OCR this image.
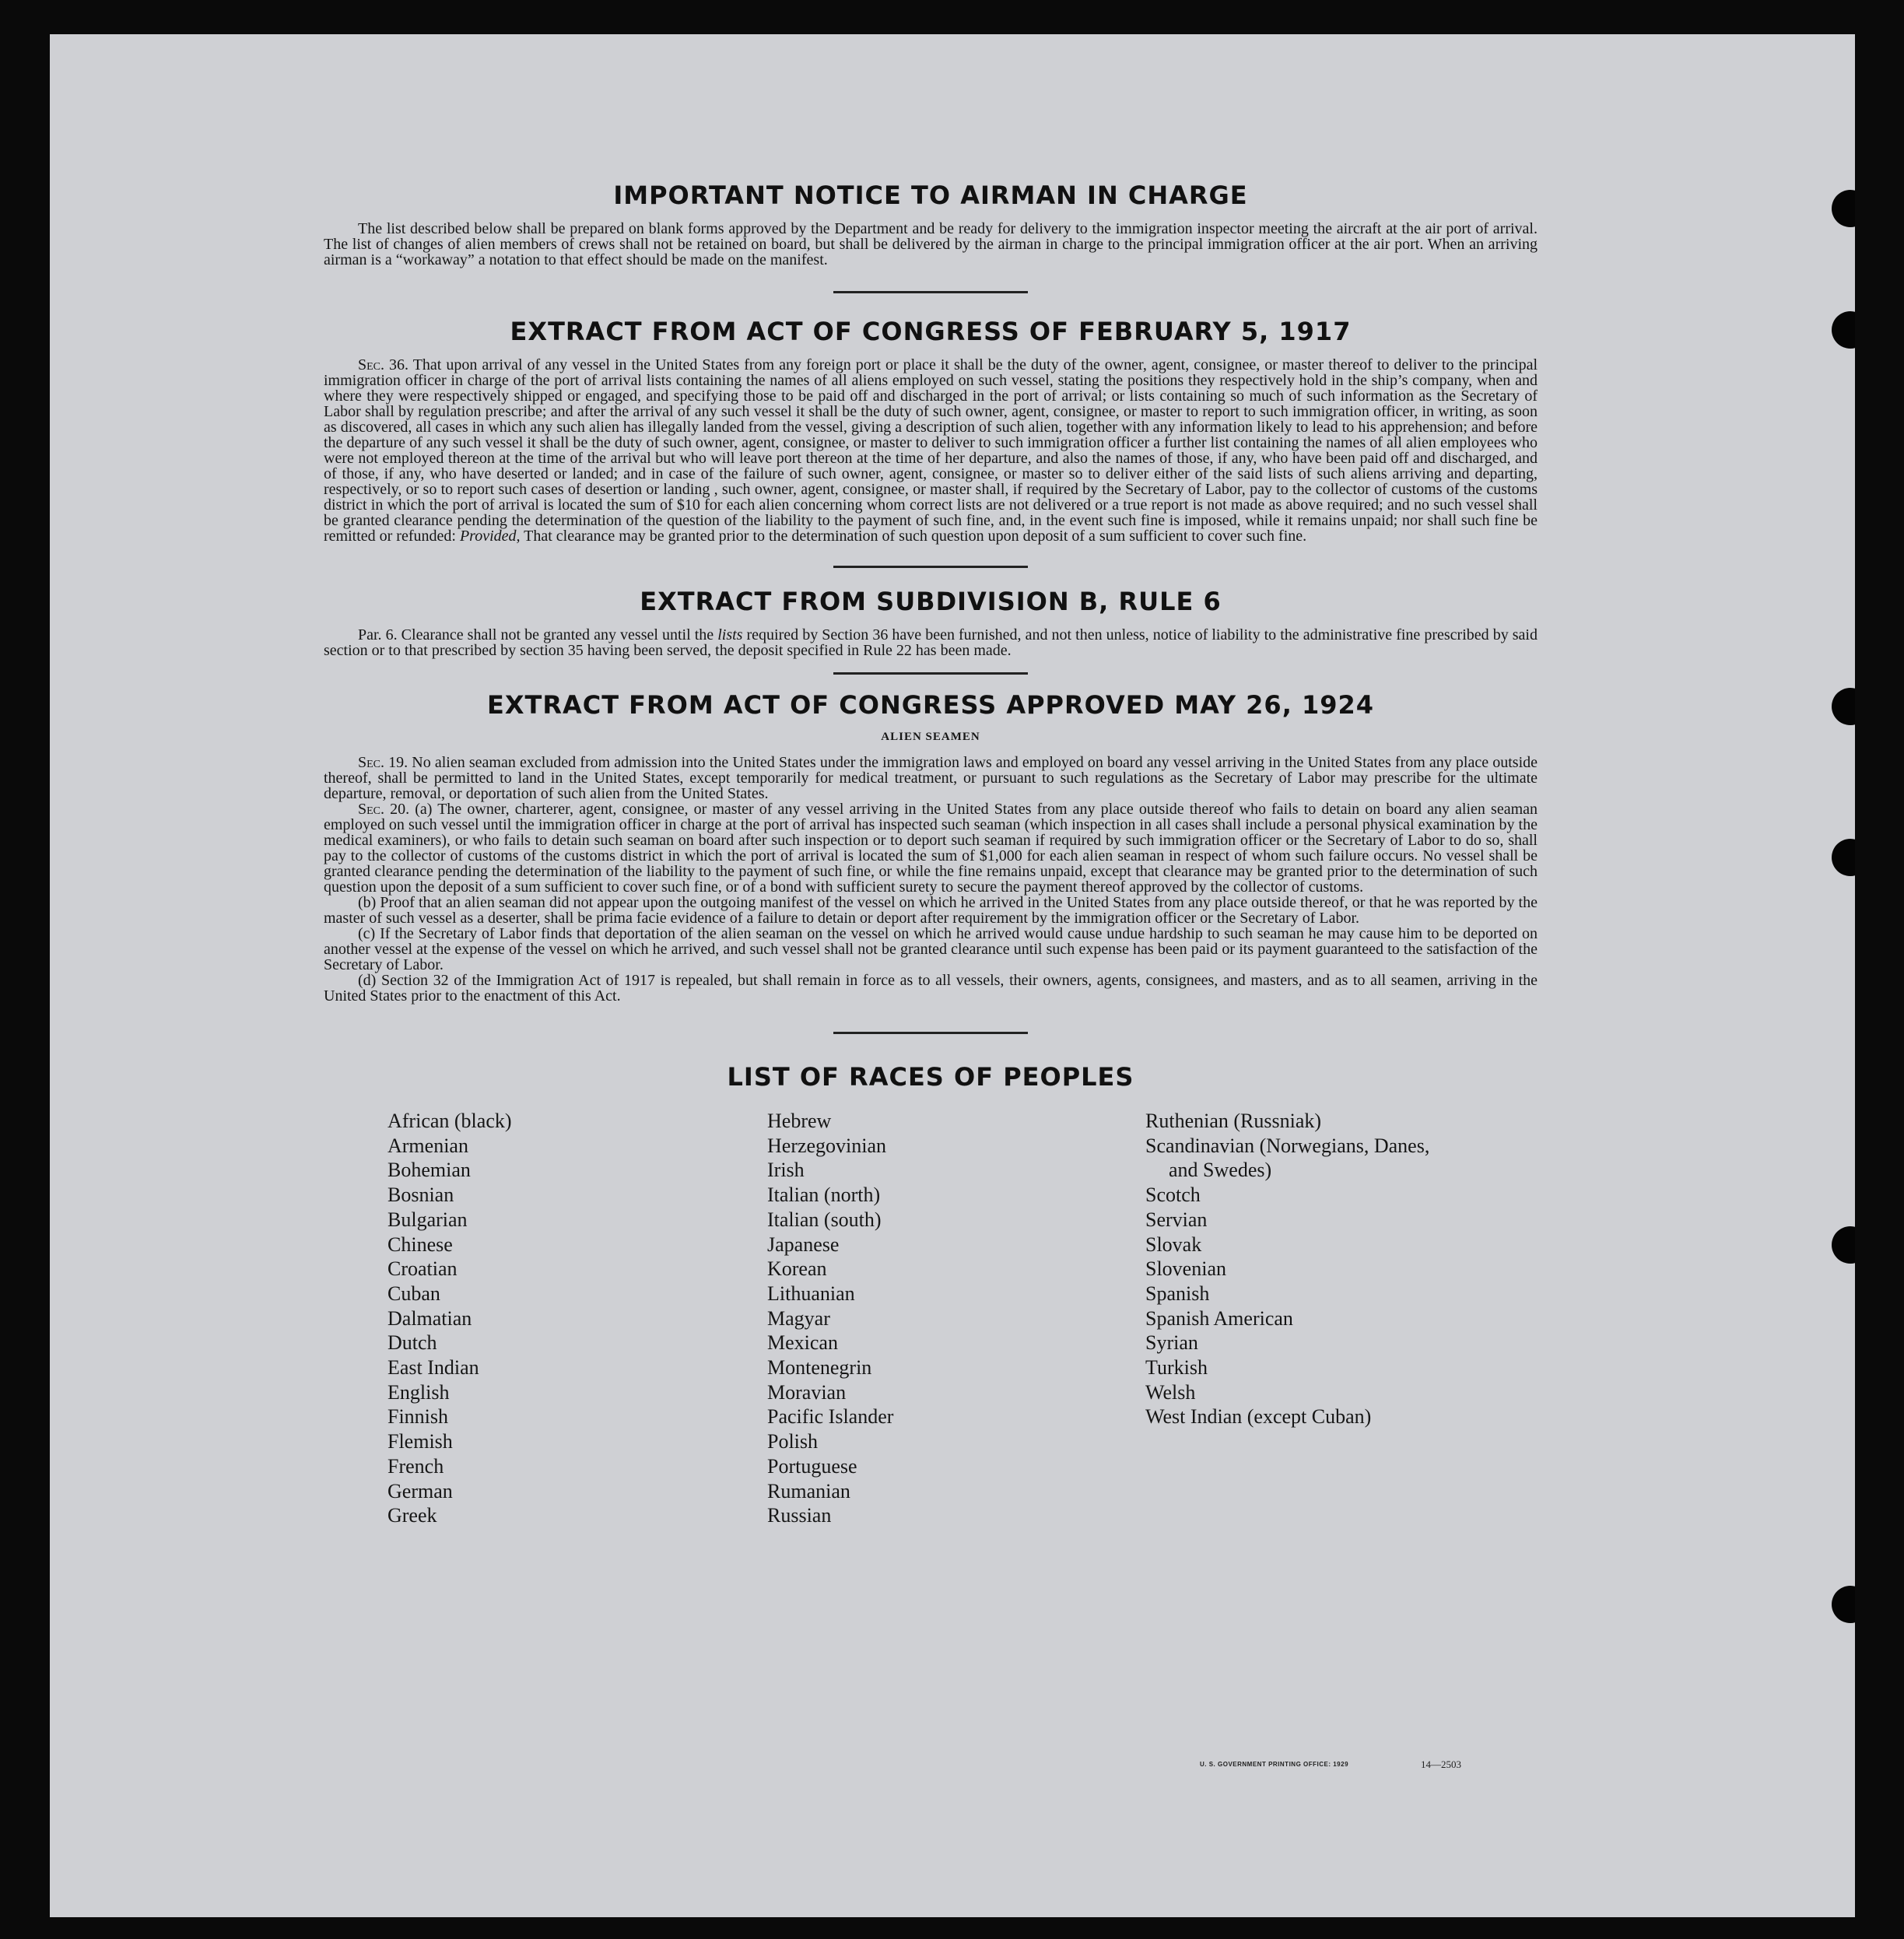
IMPORTANT NOTICE TO AIRMAN IN CHARGE

The list described below shall be prepared on blank forms approved by the Department and be ready for delivery to the immigration inspector meeting the aircraft at the air port of arrival. The list of changes of alien members of crews shall not be retained on board, but shall be delivered by the airman in charge to the principal immigration officer at the air port. When an arriving airman is a “workaway” a notation to that effect should be made on the manifest.

EXTRACT FROM ACT OF CONGRESS OF FEBRUARY 5, 1917

Sec. 36. That upon arrival of any vessel in the United States from any foreign port or place it shall be the duty of the owner, agent, consignee, or master thereof to deliver to the principal immigration officer in charge of the port of arrival lists containing the names of all aliens employed on such vessel, stating the positions they respectively hold in the ship’s company, when and where they were respectively shipped or engaged, and specifying those to be paid off and discharged in the port of arrival; or lists containing so much of such information as the Secretary of Labor shall by regulation prescribe; and after the arrival of any such vessel it shall be the duty of such owner, agent, consignee, or master to report to such immigration officer, in writing, as soon as discovered, all cases in which any such alien has illegally landed from the vessel, giving a description of such alien, together with any information likely to lead to his apprehension; and before the departure of any such vessel it shall be the duty of such owner, agent, consignee, or master to deliver to such immigration officer a further list containing the names of all alien employees who were not employed thereon at the time of the arrival but who will leave port thereon at the time of her departure, and also the names of those, if any, who have been paid off and discharged, and of those, if any, who have deserted or landed; and in case of the failure of such owner, agent, consignee, or master so to deliver either of the said lists of such aliens arriving and departing, respectively, or so to report such cases of desertion or landing , such owner, agent, consignee, or master shall, if required by the Secretary of Labor, pay to the collector of customs of the customs district in which the port of arrival is located the sum of $10 for each alien concerning whom correct lists are not delivered or a true report is not made as above required; and no such vessel shall be granted clearance pending the determination of the question of the liability to the payment of such fine, and, in the event such fine is imposed, while it remains unpaid; nor shall such fine be remitted or refunded: Provided, That clearance may be granted prior to the determination of such question upon deposit of a sum sufficient to cover such fine.

EXTRACT FROM SUBDIVISION B, RULE 6

Par. 6. Clearance shall not be granted any vessel until the lists required by Section 36 have been furnished, and not then unless, notice of liability to the administrative fine prescribed by said section or to that prescribed by section 35 having been served, the deposit specified in Rule 22 has been made.

EXTRACT FROM ACT OF CONGRESS APPROVED MAY 26, 1924

ALIEN SEAMEN

Sec. 19. No alien seaman excluded from admission into the United States under the immigration laws and employed on board any vessel arriving in the United States from any place outside thereof, shall be permitted to land in the United States, except temporarily for medical treatment, or pursuant to such regulations as the Secretary of Labor may prescribe for the ultimate departure, removal, or deportation of such alien from the United States.

Sec. 20. (a) The owner, charterer, agent, consignee, or master of any vessel arriving in the United States from any place outside thereof who fails to detain on board any alien seaman employed on such vessel until the immigration officer in charge at the port of arrival has inspected such seaman (which inspection in all cases shall include a personal physical examination by the medical examiners), or who fails to detain such seaman on board after such inspection or to deport such seaman if required by such immigration officer or the Secretary of Labor to do so, shall pay to the collector of customs of the customs district in which the port of arrival is located the sum of $1,000 for each alien seaman in respect of whom such failure occurs. No vessel shall be granted clearance pending the determination of the liability to the payment of such fine, or while the fine remains unpaid, except that clearance may be granted prior to the determination of such question upon the deposit of a sum sufficient to cover such fine, or of a bond with sufficient surety to secure the payment thereof approved by the collector of customs.

(b) Proof that an alien seaman did not appear upon the outgoing manifest of the vessel on which he arrived in the United States from any place outside thereof, or that he was reported by the master of such vessel as a deserter, shall be prima facie evidence of a failure to detain or deport after requirement by the immigration officer or the Secretary of Labor.

(c) If the Secretary of Labor finds that deportation of the alien seaman on the vessel on which he arrived would cause undue hardship to such seaman he may cause him to be deported on another vessel at the expense of the vessel on which he arrived, and such vessel shall not be granted clearance until such expense has been paid or its payment guaranteed to the satisfaction of the Secretary of Labor.

(d) Section 32 of the Immigration Act of 1917 is repealed, but shall remain in force as to all vessels, their owners, agents, consignees, and masters, and as to all seamen, arriving in the United States prior to the enactment of this Act.

LIST OF RACES OF PEOPLES
African (black)
Armenian
Bohemian
Bosnian
Bulgarian
Chinese
Croatian
Cuban
Dalmatian
Dutch
East Indian
English
Finnish
Flemish
French
German
Greek
Hebrew
Herzegovinian
Irish
Italian (north)
Italian (south)
Japanese
Korean
Lithuanian
Magyar
Mexican
Montenegrin
Moravian
Pacific Islander
Polish
Portuguese
Rumanian
Russian
Ruthenian (Russniak)
Scandinavian (Norwegians, Danes,
and Swedes)
Scotch
Servian
Slovak
Slovenian
Spanish
Spanish American
Syrian
Turkish
Welsh
West Indian (except Cuban)
U. S. GOVERNMENT PRINTING OFFICE: 1929	14—2503
